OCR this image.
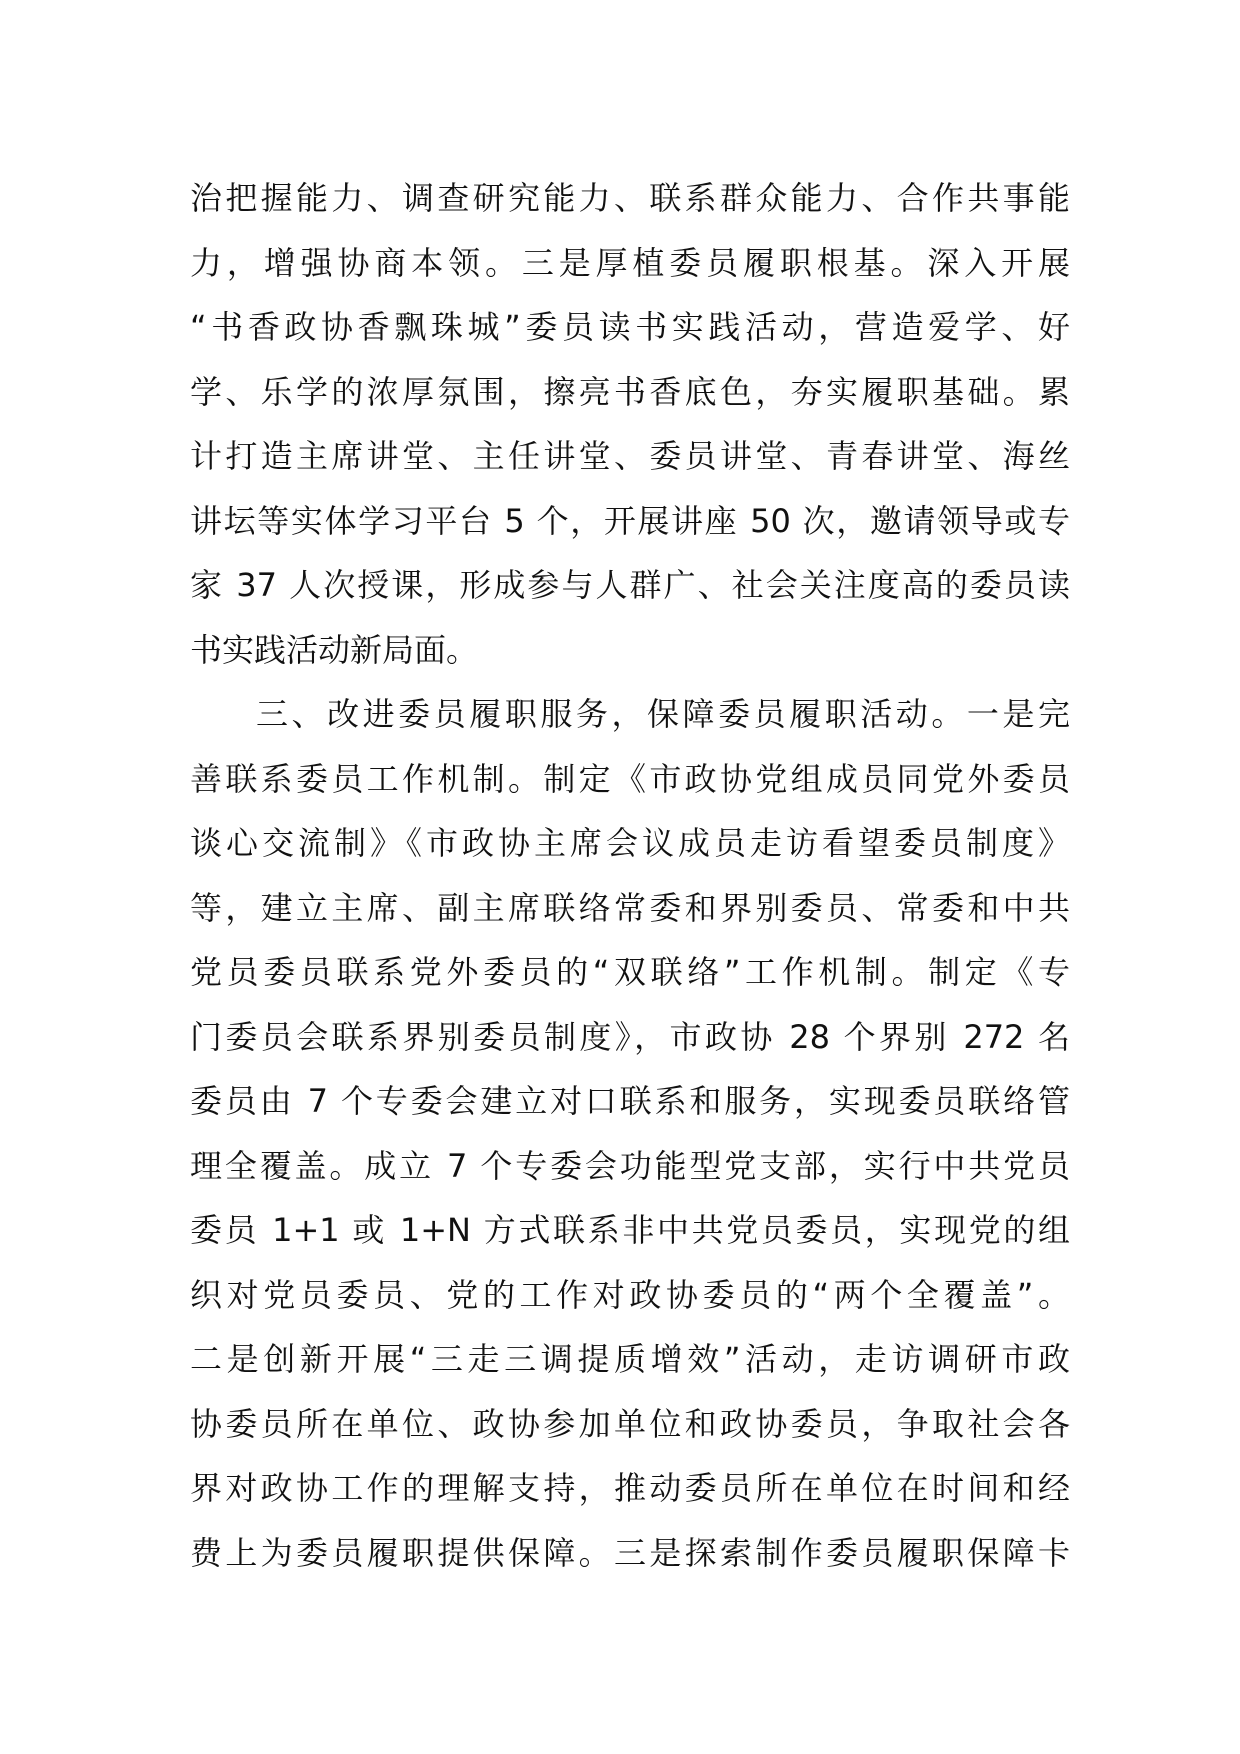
治把握能力、调查研究能力、联系群众能力、合作共事能
力，增强协商本领。三是厚植委员履职根基。深入开展
“书香政协香飘珠城”委员读书实践活动，营造爱学、好
学、乐学的浓厚氛围，擦亮书香底色，夯实履职基础。累
计打造主席讲堂、主任讲堂、委员讲堂、青春讲堂、海丝
讲坛等实体学习平台 5 个，开展讲座 50 次，邀请领导或专
家 37 人次授课，形成参与人群广、社会关注度高的委员读
书实践活动新局面。
三、改进委员履职服务，保障委员履职活动。一是完
善联系委员工作机制。制定《市政协党组成员同党外委员
谈心交流制》《市政协主席会议成员走访看望委员制度》
等，建立主席、副主席联络常委和界别委员、常委和中共
党员委员联系党外委员的“双联络”工作机制。制定《专
门委员会联系界别委员制度》，市政协 28 个界别 272 名
委员由 7 个专委会建立对口联系和服务，实现委员联络管
理全覆盖。成立 7 个专委会功能型党支部，实行中共党员
委员 1+1 或 1+N 方式联系非中共党员委员，实现党的组
织对党员委员、党的工作对政协委员的“两个全覆盖”。
二是创新开展“三走三调提质增效”活动，走访调研市政
协委员所在单位、政协参加单位和政协委员，争取社会各
界对政协工作的理解支持，推动委员所在单位在时间和经
费上为委员履职提供保障。三是探索制作委员履职保障卡
